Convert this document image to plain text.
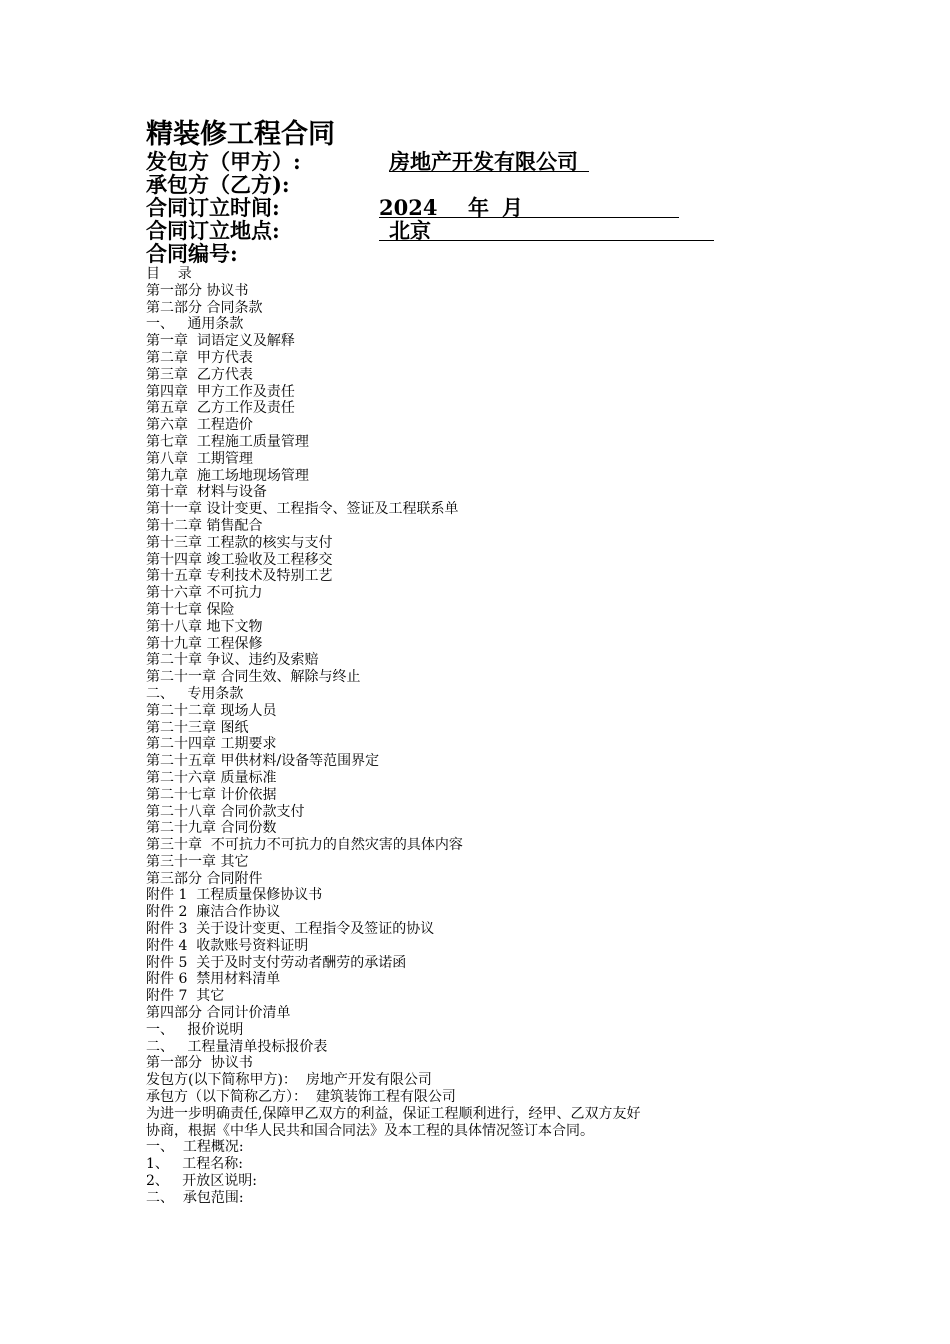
精装修工程合同
发包方（甲方）:	房地产开发有限公司
承包方（乙方):
合同订立时间:	2024 年 月
合同订立地点:	北京
合同编号:
目    录
第一部分 协议书
第二部分 合同条款
一、   通用条款
第一章  词语定义及解释
第二章  甲方代表
第三章  乙方代表
第四章  甲方工作及责任
第五章  乙方工作及责任
第六章  工程造价
第七章  工程施工质量管理
第八章  工期管理
第九章  施工场地现场管理
第十章  材料与设备
第十一章 设计变更、工程指令、签证及工程联系单
第十二章 销售配合
第十三章 工程款的核实与支付
第十四章 竣工验收及工程移交
第十五章 专利技术及特别工艺
第十六章 不可抗力
第十七章 保险
第十八章 地下文物
第十九章 工程保修
第二十章 争议、违约及索赔
第二十一章 合同生效、解除与终止
二、   专用条款
第二十二章 现场人员
第二十三章 图纸
第二十四章 工期要求
第二十五章 甲供材料/设备等范围界定
第二十六章 质量标准
第二十七章 计价依据
第二十八章 合同价款支付
第二十九章 合同份数
第三十章  不可抗力不可抗力的自然灾害的具体内容
第三十一章 其它
第三部分 合同附件
附件 1  工程质量保修协议书
附件 2  廉洁合作协议
附件 3  关于设计变更、工程指令及签证的协议
附件 4  收款账号资料证明
附件 5  关于及时支付劳动者酬劳的承诺函
附件 6  禁用材料清单
附件 7  其它
第四部分 合同计价清单
一、   报价说明
二、   工程量清单投标报价表
第一部分  协议书
发包方(以下简称甲方)：  房地产开发有限公司
承包方（以下简称乙方）：  建筑装饰工程有限公司
为进一步明确责任,保障甲乙双方的利益，保证工程顺利进行，经甲、乙双方友好
协商，根据《中华人民共和国合同法》及本工程的具体情况签订本合同。
一、  工程概况:
1、   工程名称:
2、   开放区说明:
二、  承包范围:
